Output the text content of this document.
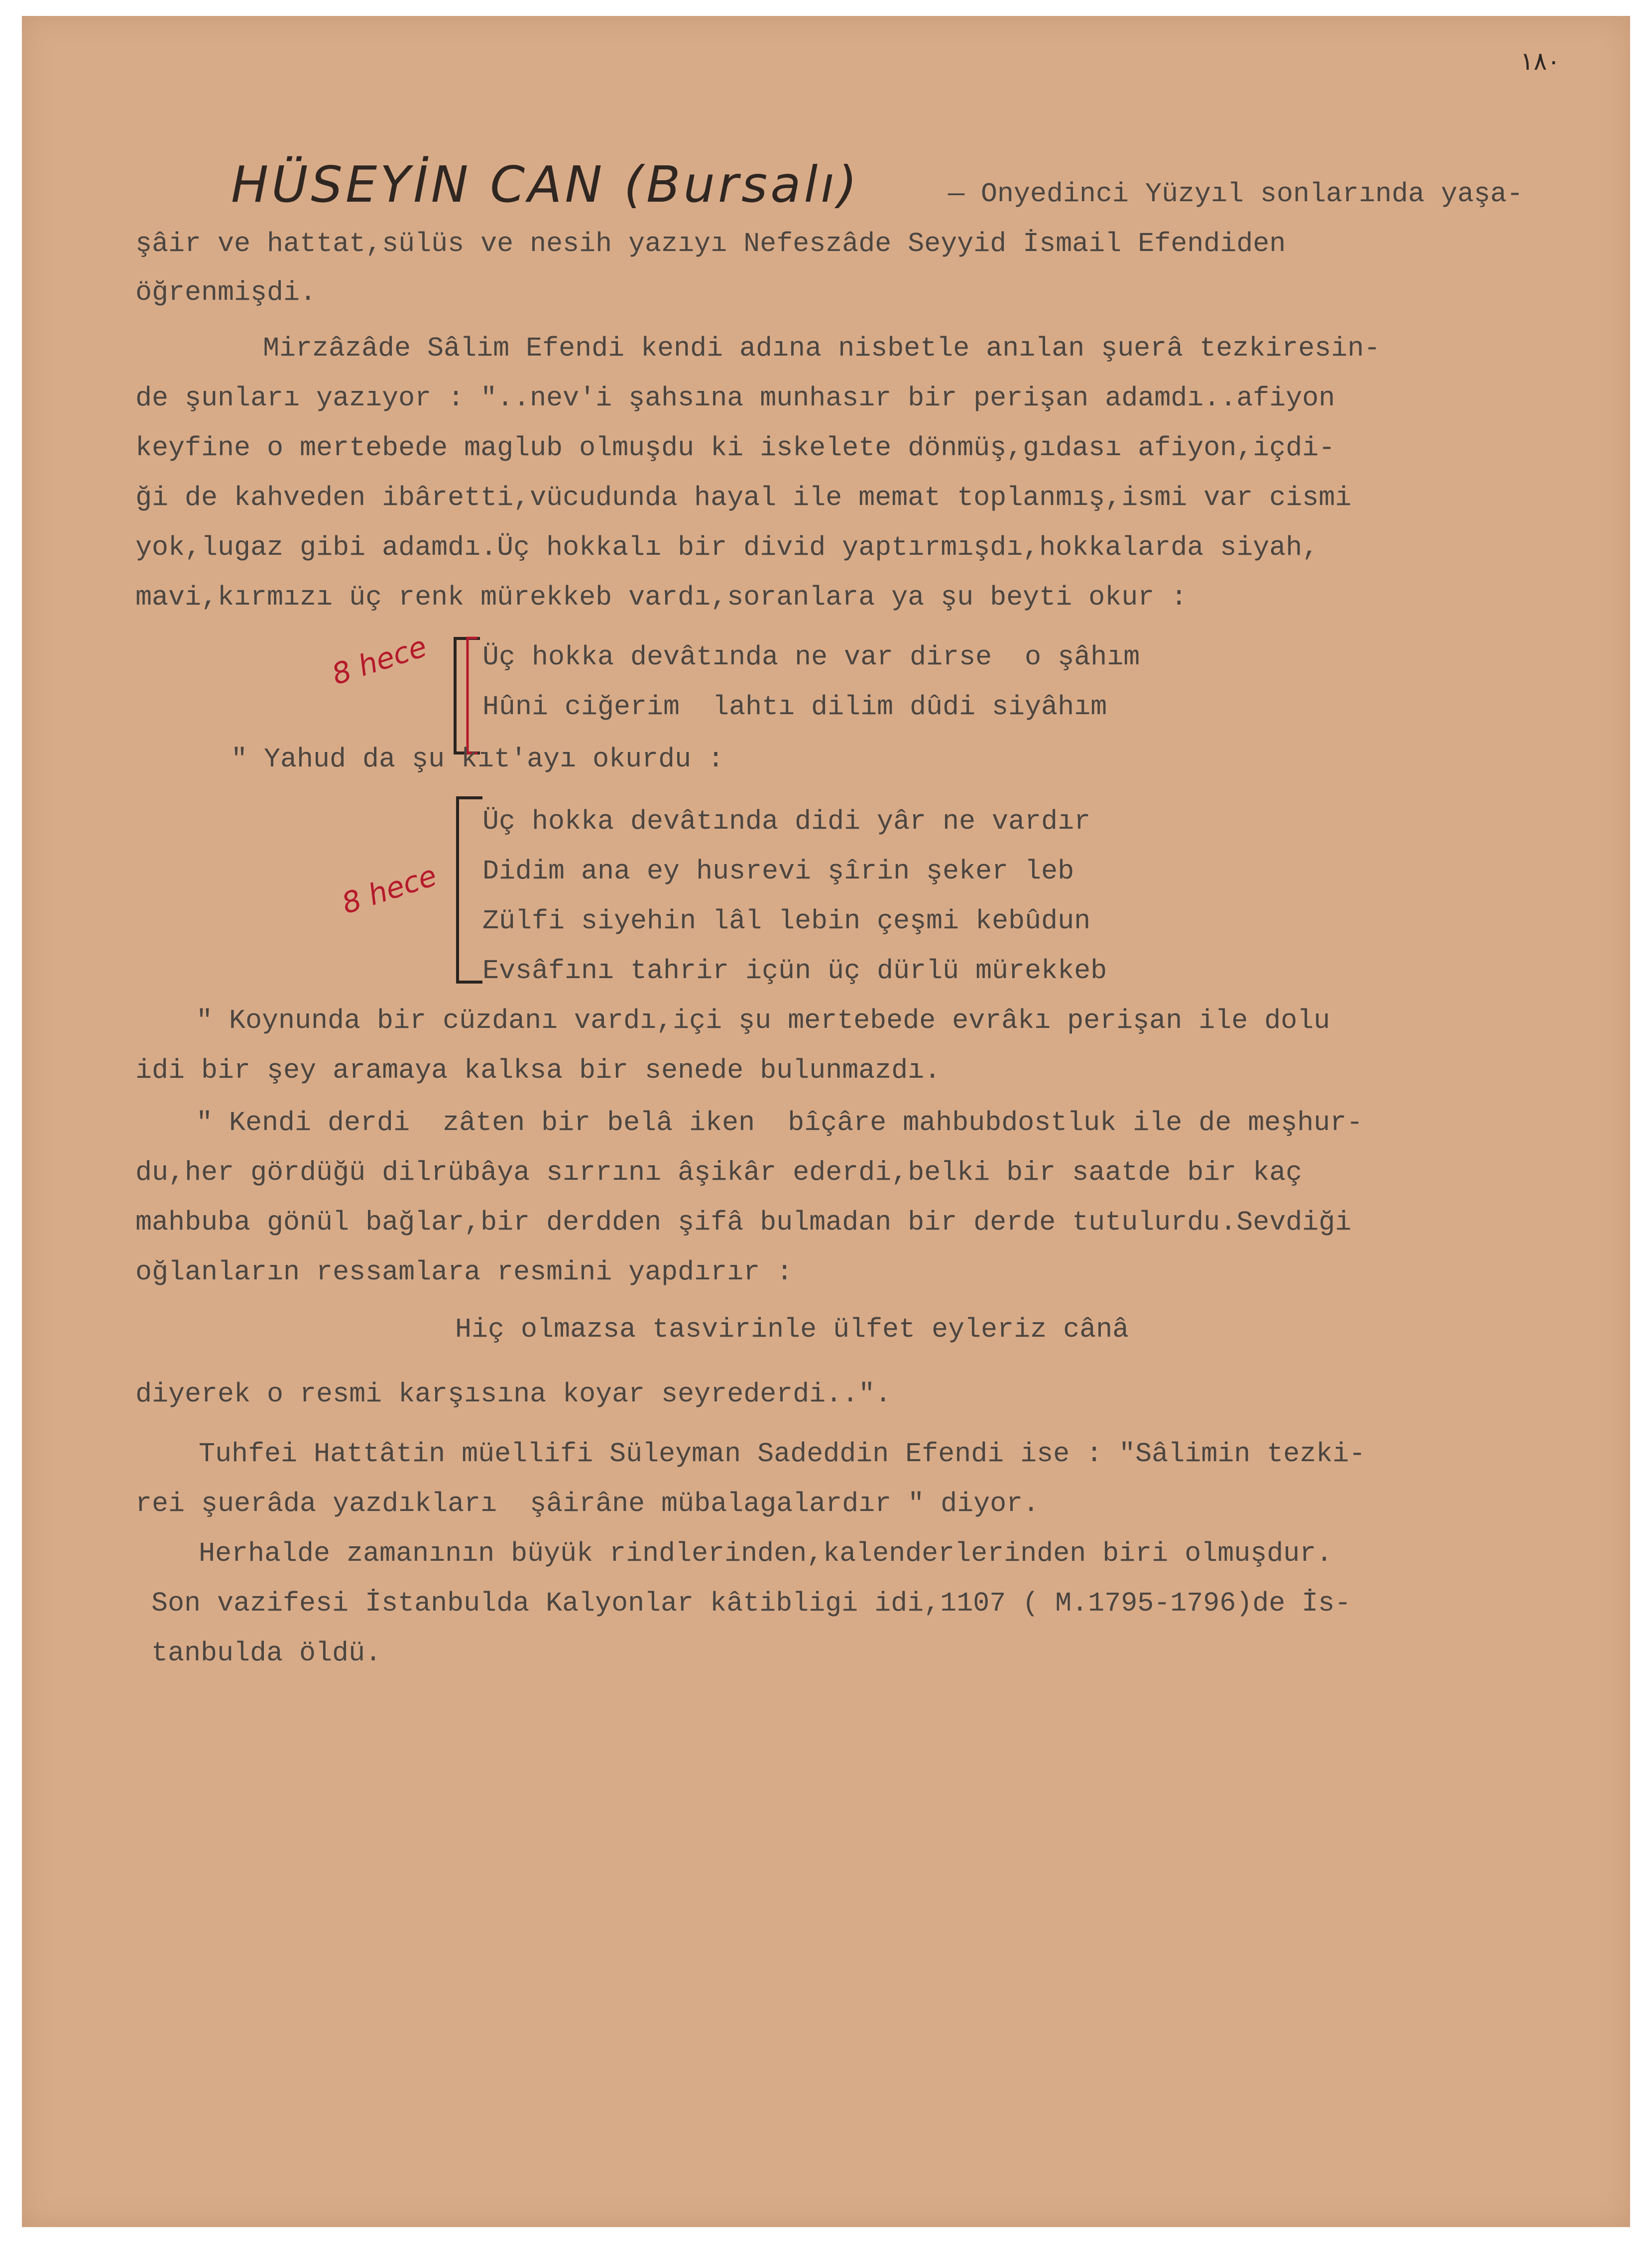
١٨٠
HÜSEYİN CAN (Bursalı)	— Onyedinci Yüzyıl sonlarında yaşa-
şâir ve hattat,sülüs ve nesih yazıyı Nefeszâde Seyyid İsmail Efendiden
öğrenmişdi.
Mirzâzâde Sâlim Efendi kendi adına nisbetle anılan şuerâ tezkiresin-
de şunları yazıyor : "..nev'i şahsına munhasır bir perişan adamdı..afiyon
keyfine o mertebede maglub olmuşdu ki iskelete dönmüş,gıdası afiyon,içdi-
ği de kahveden ibâretti,vücudunda hayal ile memat toplanmış,ismi var cismi
yok,lugaz gibi adamdı.Üç hokkalı bir divid yaptırmışdı,hokkalarda siyah,
mavi,kırmızı üç renk mürekkeb vardı,soranlara ya şu beyti okur :
Üç hokka devâtında ne var dirse  o şâhım
Hûni ciğerim  lahtı dilim dûdi siyâhım
" Yahud da şu kıt'ayı okurdu :
Üç hokka devâtında didi yâr ne vardır
Didim ana ey husrevi şîrin şeker leb
Zülfi siyehin lâl lebin çeşmi kebûdun
Evsâfını tahrir içün üç dürlü mürekkeb
8 hece
8 hece
" Koynunda bir cüzdanı vardı,içi şu mertebede evrâkı perişan ile dolu
idi bir şey aramaya kalksa bir senede bulunmazdı.
" Kendi derdi  zâten bir belâ iken  bîçâre mahbubdostluk ile de meşhur-
du,her gördüğü dilrübâya sırrını âşikâr ederdi,belki bir saatde bir kaç
mahbuba gönül bağlar,bir derdden şifâ bulmadan bir derde tutulurdu.Sevdiği
oğlanların ressamlara resmini yapdırır :
Hiç olmazsa tasvirinle ülfet eyleriz cânâ
diyerek o resmi karşısına koyar seyrederdi..".
Tuhfei Hattâtin müellifi Süleyman Sadeddin Efendi ise : "Sâlimin tezki-
rei şuerâda yazdıkları  şâirâne mübalagalardır " diyor.
Herhalde zamanının büyük rindlerinden,kalenderlerinden biri olmuşdur.
Son vazifesi İstanbulda Kalyonlar kâtibligi idi,1107 ( M.1795-1796)de İs-
tanbulda öldü.
